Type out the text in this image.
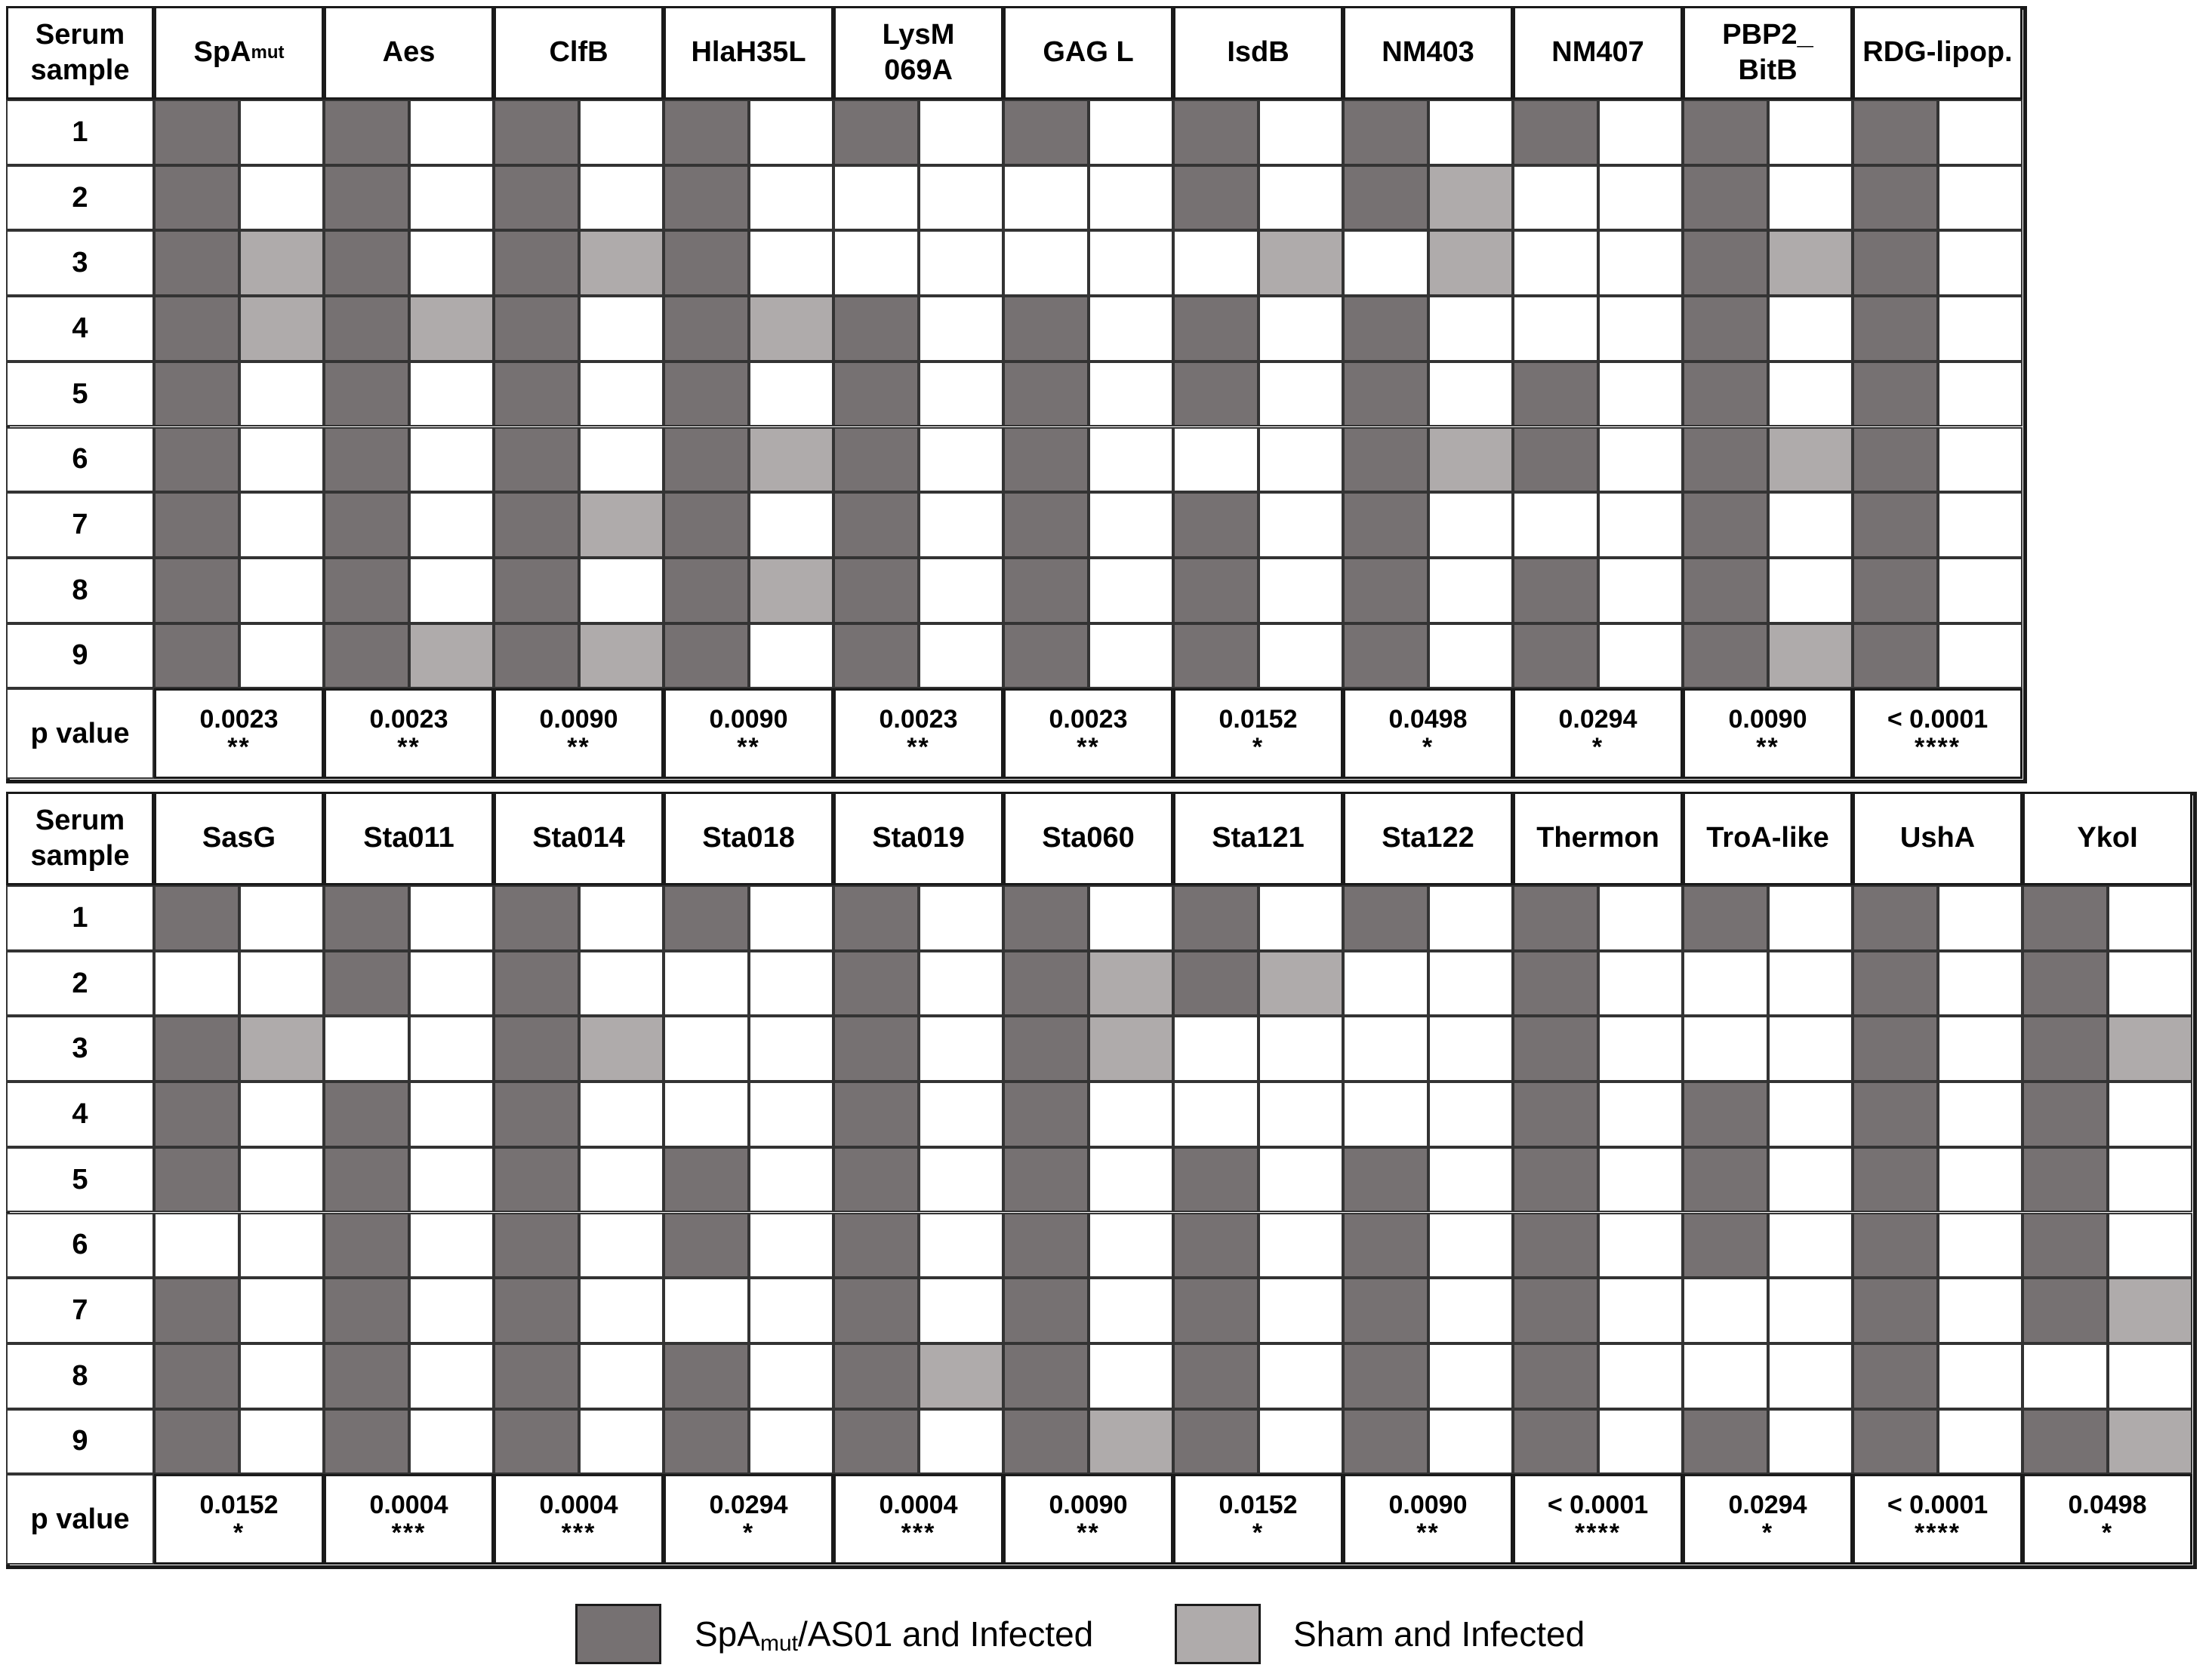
Serum
sample
1
2
3
4
5
6
7
8
9
p value
SpA mut
0.0023
**
Aes
0.0023
**
ClfB
0.0090
**
HlaH35L
0.0090
**
LysM
069A
0.0023
**
GAG L
0.0023
**
IsdB
0.0152
*
NM403
0.0498
*
NM407
0.0294
*
PBP2_
BitB
0.0090
**
RDG-lipop.
< 0.0001
****
Serum
sample
1
2
3
4
5
6
7
8
9
p value
SasG
0.0152
*
Sta011
0.0004
***
Sta014
0.0004
***
Sta018
0.0294
*
Sta019
0.0004
***
Sta060
0.0090
**
Sta121
0.0152
*
Sta122
0.0090
**
Thermon
< 0.0001
****
TroA-like
0.0294
*
UshA
< 0.0001
****
YkoI
0.0498
*
SpA$_{mut}$/AS01 and Infected	Sham and Infected
